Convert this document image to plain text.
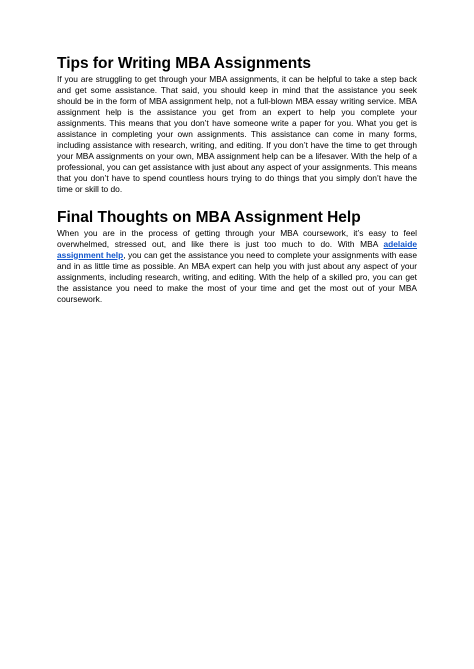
Tips for Writing MBA Assignments

If you are struggling to get through your MBA assignments, it can be helpful to take a step back and get some assistance. That said, you should keep in mind that the assistance you seek should be in the form of MBA assignment help, not a full-blown MBA essay writing service. MBA assignment help is the assistance you get from an expert to help you complete your assignments. This means that you don’t have someone write a paper for you. What you get is assistance in completing your own assignments. This assistance can come in many forms, including assistance with research, writing, and editing. If you don’t have the time to get through your MBA assignments on your own, MBA assignment help can be a lifesaver. With the help of a professional, you can get assistance with just about any aspect of your assignments. This means that you don’t have to spend countless hours trying to do things that you simply don’t have the time or skill to do.

Final Thoughts on MBA Assignment Help

When you are in the process of getting through your MBA coursework, it’s easy to feel overwhelmed, stressed out, and like there is just too much to do. With MBA adelaide assignment help, you can get the assistance you need to complete your assignments with ease and in as little time as possible. An MBA expert can help you with just about any aspect of your assignments, including research, writing, and editing. With the help of a skilled pro, you can get the assistance you need to make the most of your time and get the most out of your MBA coursework.
